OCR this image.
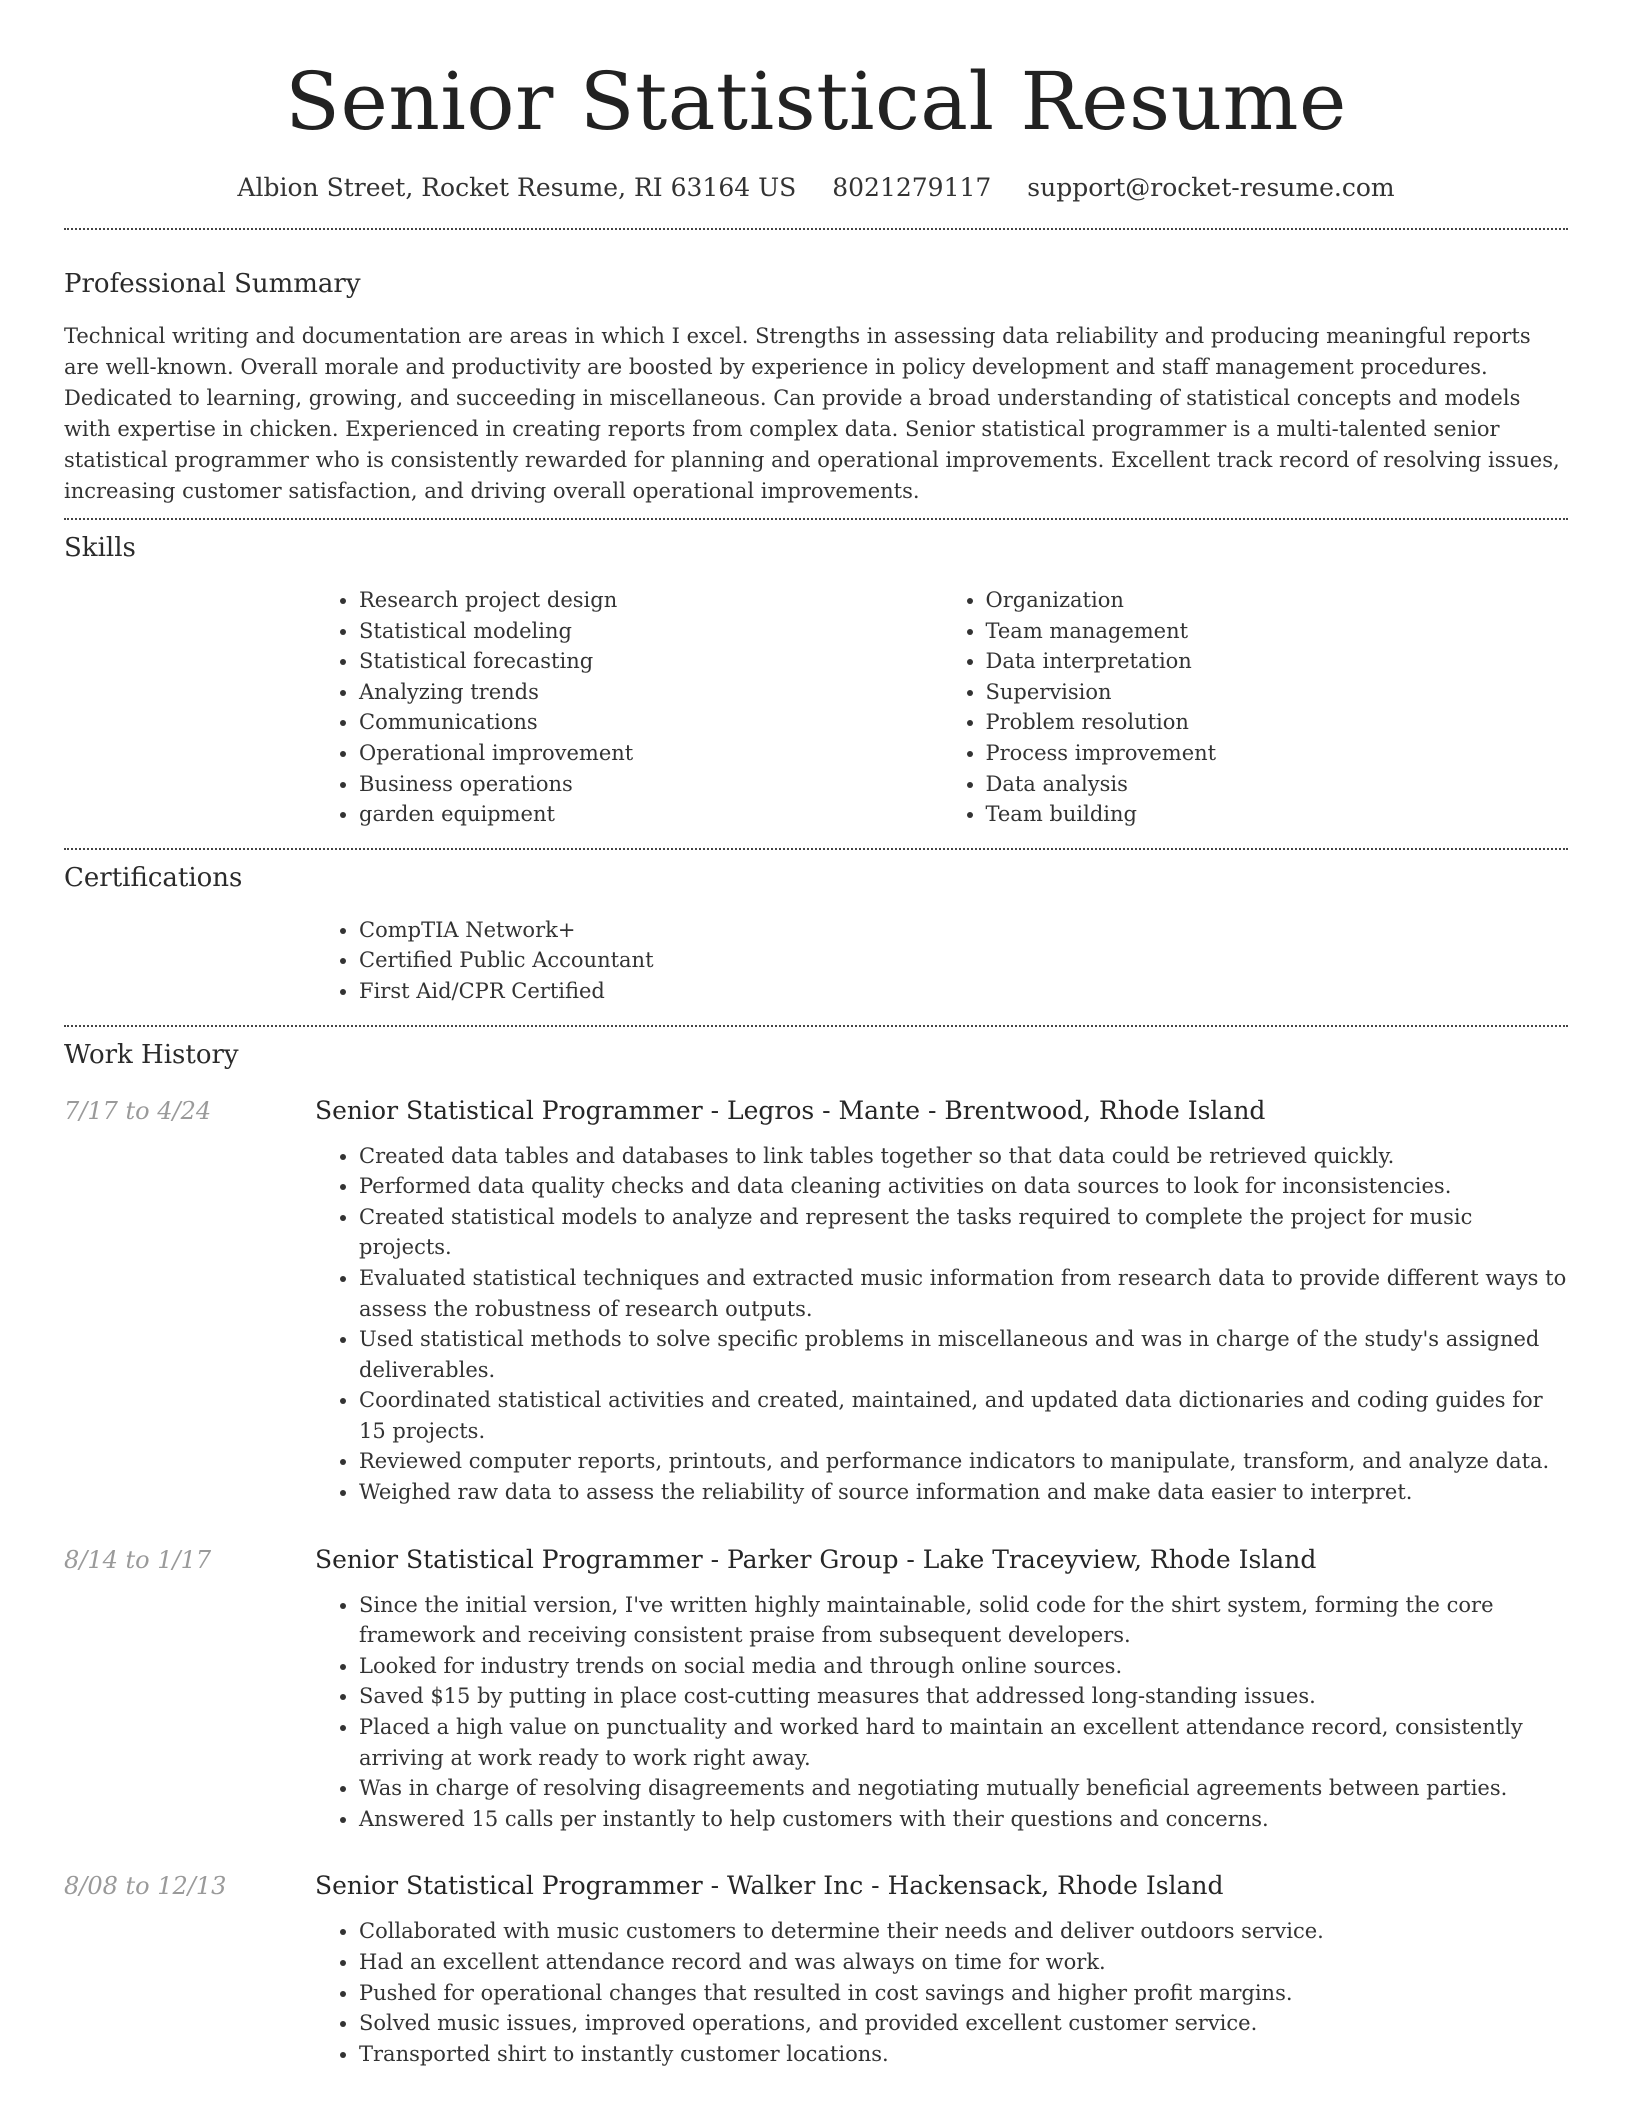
Senior Statistical Resume
Albion Street, Rocket Resume, RI 63164 US 8021279117 support@rocket-resume.com
Professional Summary

Technical writing and documentation are areas in which I excel. Strengths in assessing data reliability and producing meaningful reports are well-known. Overall morale and productivity are boosted by experience in policy development and staff management procedures. Dedicated to learning, growing, and succeeding in miscellaneous. Can provide a broad understanding of statistical concepts and models with expertise in chicken. Experienced in creating reports from complex data. Senior statistical programmer is a multi-talented senior statistical programmer who is consistently rewarded for planning and operational improvements. Excellent track record of resolving issues, increasing customer satisfaction, and driving overall operational improvements.

Skills
• Research project design
• Statistical modeling
• Statistical forecasting
• Analyzing trends
• Communications
• Operational improvement
• Business operations
• garden equipment
• Organization
• Team management
• Data interpretation
• Supervision
• Problem resolution
• Process improvement
• Data analysis
• Team building
Certifications
• CompTIA Network+
• Certified Public Accountant
• First Aid/CPR Certified
Work History
7/17 to 4/24	Senior Statistical Programmer - Legros - Mante - Brentwood, Rhode Island
• Created data tables and databases to link tables together so that data could be retrieved quickly.
• Performed data quality checks and data cleaning activities on data sources to look for inconsistencies.
• Created statistical models to analyze and represent the tasks required to complete the project for music projects.
• Evaluated statistical techniques and extracted music information from research data to provide different ways to assess the robustness of research outputs.
• Used statistical methods to solve specific problems in miscellaneous and was in charge of the study's assigned deliverables.
• Coordinated statistical activities and created, maintained, and updated data dictionaries and coding guides for 15 projects.
• Reviewed computer reports, printouts, and performance indicators to manipulate, transform, and analyze data.
• Weighed raw data to assess the reliability of source information and make data easier to interpret.
8/14 to 1/17	Senior Statistical Programmer - Parker Group - Lake Traceyview, Rhode Island
• Since the initial version, I've written highly maintainable, solid code for the shirt system, forming the core framework and receiving consistent praise from subsequent developers.
• Looked for industry trends on social media and through online sources.
• Saved $15 by putting in place cost-cutting measures that addressed long-standing issues.
• Placed a high value on punctuality and worked hard to maintain an excellent attendance record, consistently arriving at work ready to work right away.
• Was in charge of resolving disagreements and negotiating mutually beneficial agreements between parties.
• Answered 15 calls per instantly to help customers with their questions and concerns.
8/08 to 12/13	Senior Statistical Programmer - Walker Inc - Hackensack, Rhode Island
• Collaborated with music customers to determine their needs and deliver outdoors service.
• Had an excellent attendance record and was always on time for work.
• Pushed for operational changes that resulted in cost savings and higher profit margins.
• Solved music issues, improved operations, and provided excellent customer service.
• Transported shirt to instantly customer locations.
